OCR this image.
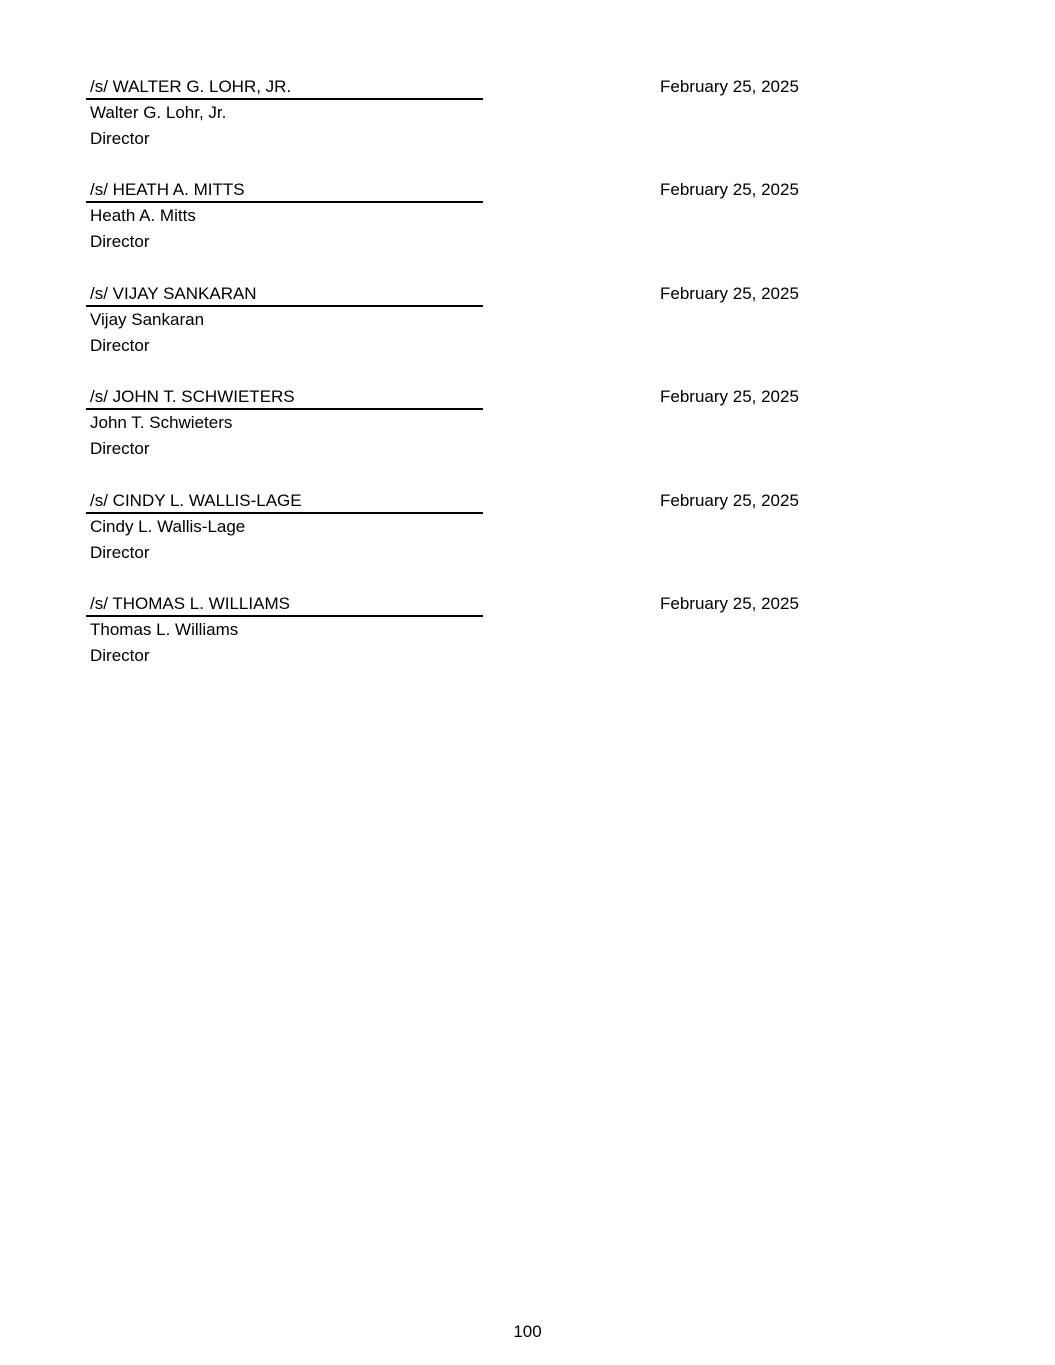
/s/ WALTER G. LOHR, JR.	February 25, 2025
Walter G. Lohr, Jr.
Director
/s/ HEATH A. MITTS	February 25, 2025
Heath A. Mitts
Director
/s/ VIJAY SANKARAN	February 25, 2025
Vijay Sankaran
Director
/s/ JOHN T. SCHWIETERS	February 25, 2025
John T. Schwieters
Director
/s/ CINDY L. WALLIS-LAGE	February 25, 2025
Cindy L. Wallis-Lage
Director
/s/ THOMAS L. WILLIAMS	February 25, 2025
Thomas L. Williams
Director
100
